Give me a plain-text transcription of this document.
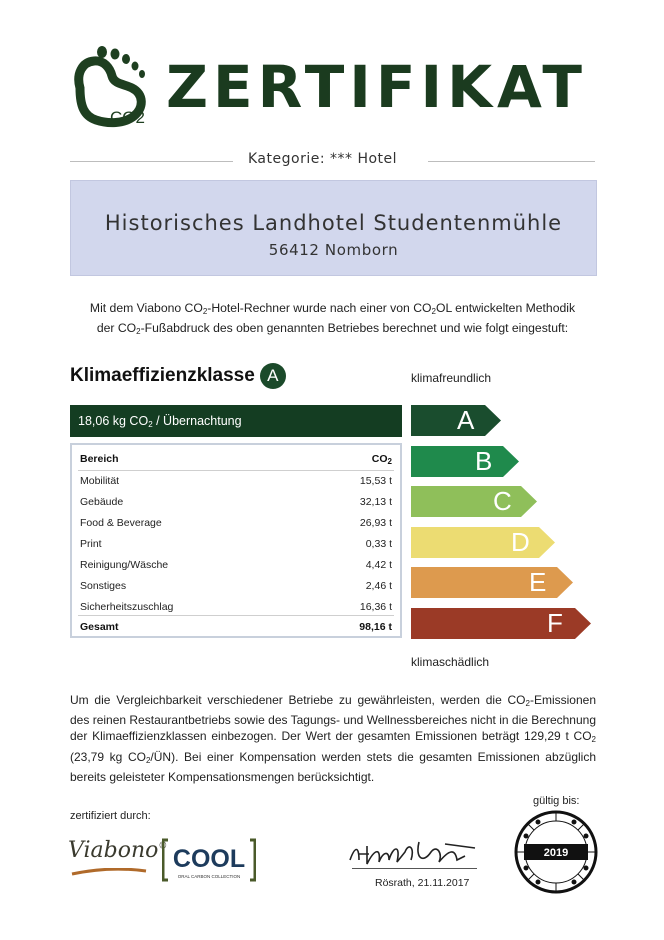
CO2 ZERTIFIKAT
Kategorie: *** Hotel
Historisches Landhotel Studentenmühle
56412 Nomborn
Mit dem Viabono $CO_2-Hotel$-Rechner wurde nach einer von $CO_2OL$ entwickelten Methodik
der $CO_2$-Fußabdruck des oben genannten Betriebes berechnet und wie folgt eingestuft:
Klimaeffizienzklasse A	klimafreundlich
klimaschädlich
18,06 kg $CO_2$ / Übernachtung
Bereich	$CO_2$
Mobilität	15,53 t
Gebäude	32,13 t
Food & Beverage	26,93 t
Print	0,33 t
Reinigung/Wäsche	4,42 t
Sonstiges	2,46 t
Sicherheitszuschlag	16,36 t
Gesamt	98,16 t
A
B
C
D
E
F
Um die Vergleichbarkeit verschiedener Betriebe zu gewährleisten, werden die $CO_2$-Emissionen des reinen Restaurantbetriebs sowie des Tagungs- und Wellnessbereiches nicht in die Berechnung der Klimaeffizienzklassen einbezogen. Der Wert der gesamten Emissionen beträgt 129,29 t $CO_2$ (23,79 kg $CO_2/ÜN$). Bei einer Kompensation werden stets die gesamten Emissionen abzüglich bereits geleisteter Kompensationsmengen berücksichtigt.
zertifiziert durch:
Viabono® COOL
ORAL CARBON COLLECTION
Rösrath, 21.11.2017
gültig bis:
2019
